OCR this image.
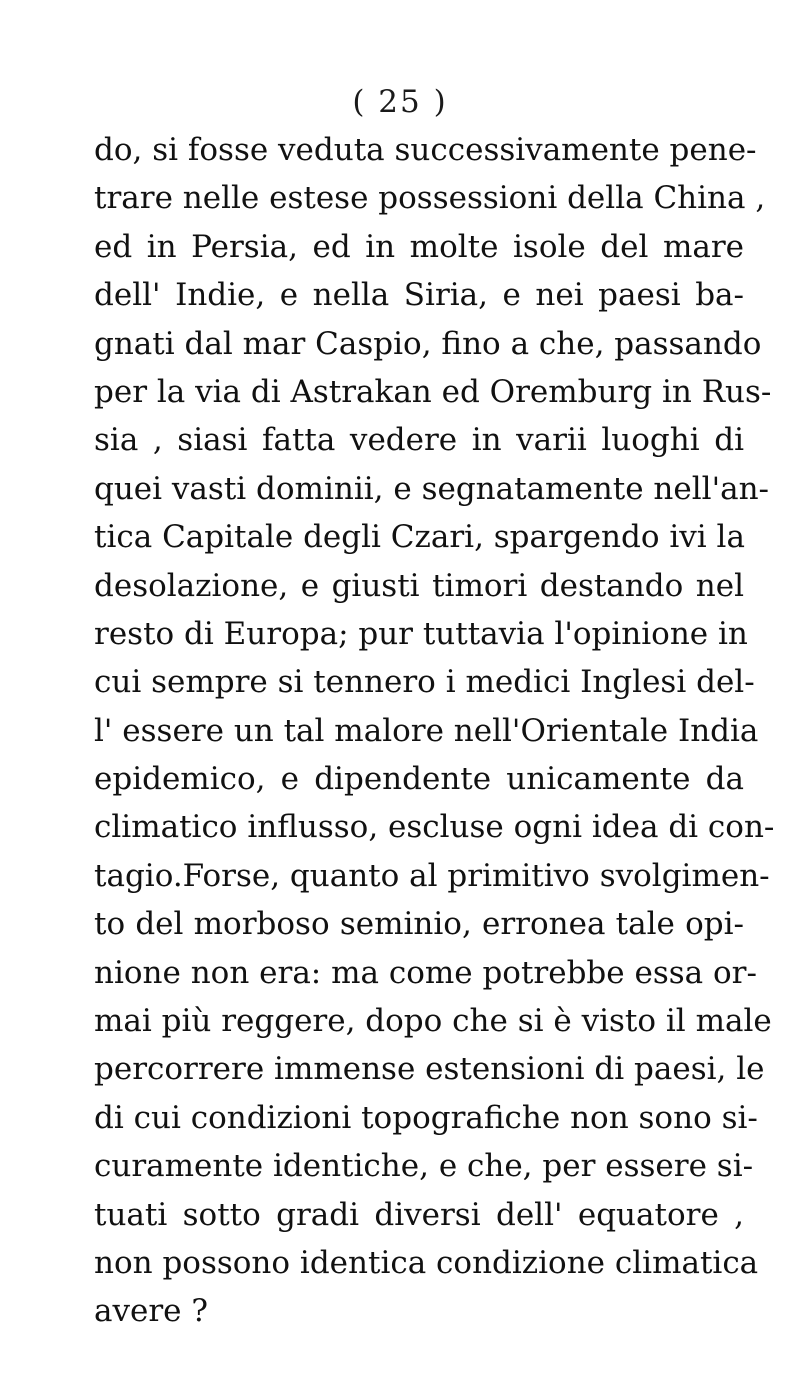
( 25 )
do, si fosse veduta successivamente pene-
trare nelle estese possessioni della China ,
ed in Persia, ed in molte isole del mare
dell' Indie, e nella Siria, e nei paesi ba-
gnati dal mar Caspio, fino a che, passando
per la via di Astrakan ed Oremburg in Rus-
sia , siasi fatta vedere in varii luoghi di
quei vasti dominii, e segnatamente nell'an-
tica Capitale degli Czari, spargendo ivi la
desolazione, e giusti timori destando nel
resto di Europa; pur tuttavia l'opinione in
cui sempre si tennero i medici Inglesi del-
l' essere un tal malore nell'Orientale India
epidemico, e dipendente unicamente da
climatico influsso, escluse ogni idea di con-
tagio.Forse, quanto al primitivo svolgimen-
to del morboso seminio, erronea tale opi-
nione non era: ma come potrebbe essa or-
mai più reggere, dopo che si è visto il male
percorrere immense estensioni di paesi, le
di cui condizioni topografiche non sono si-
curamente identiche, e che, per essere si-
tuati sotto gradi diversi dell' equatore ,
non possono identica condizione climatica
avere ?
